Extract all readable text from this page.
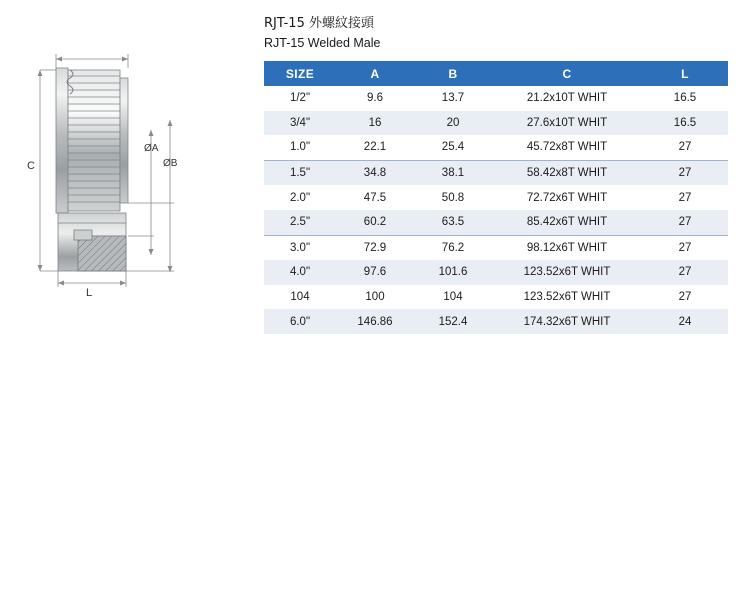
C
L
ØA
ØB
RJT-15 外螺紋接頭
RJT-15 Welded Male
SIZE	A	B	C	L
1/2"	9.6	13.7	21.2x10T WHIT	16.5
3/4"	16	20	27.6x10T WHIT	16.5
1.0"	22.1	25.4	45.72x8T WHIT	27
1.5"	34.8	38.1	58.42x8T WHIT	27
2.0"	47.5	50.8	72.72x6T WHIT	27
2.5"	60.2	63.5	85.42x6T WHIT	27
3.0"	72.9	76.2	98.12x6T WHIT	27
4.0"	97.6	101.6	123.52x6T WHIT	27
104	100	104	123.52x6T WHIT	27
6.0"	146.86	152.4	174.32x6T WHIT	24
